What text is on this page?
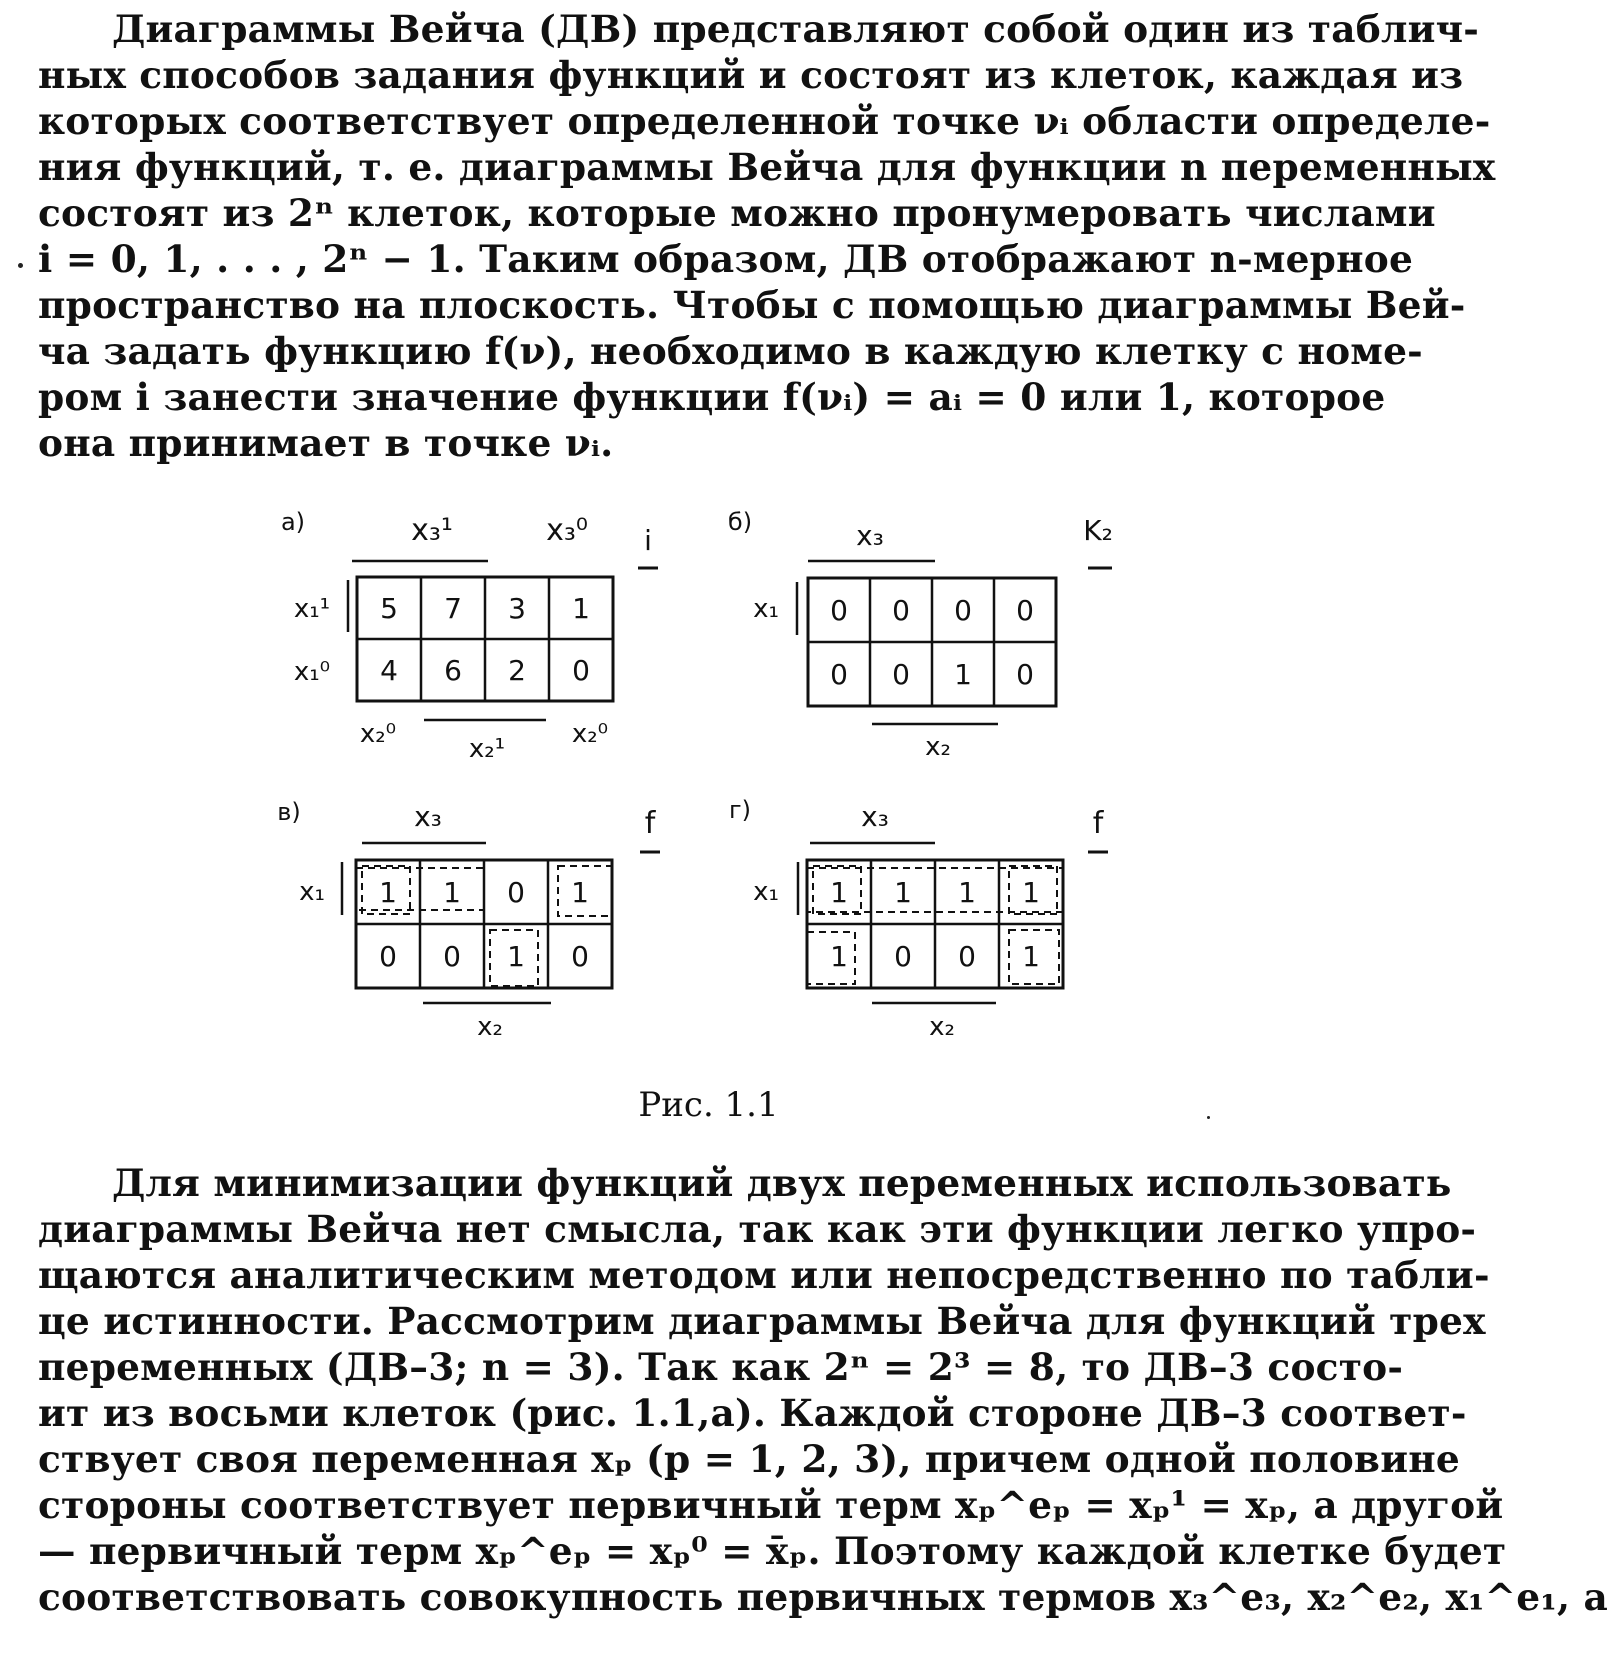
Диаграммы Вейча (ДВ) представляют собой один из таблич-
ных способов задания функций и состоят из клеток, каждая из
которых соответствует определенной точке νᵢ области определе-
ния функций, т. е. диаграммы Вейча для функции n переменных
состоят из 2ⁿ клеток, которые можно пронумеровать числами
i = 0, 1, . . . , 2ⁿ − 1. Таким образом, ДВ отображают n-мерное
пространство на плоскость. Чтобы с помощью диаграммы Вей-
ча задать функцию f(ν), необходимо в каждую клетку с номе-
ром i занести значение функции f(νᵢ) = aᵢ = 0 или 1, которое
она принимает в точке νᵢ.
а)	x₃¹	x₃⁰ i
x₁¹
x₁⁰
5 7 3 1
4 6 2 0
x₂⁰	x₂¹	x₂⁰
б)	x₃	K₂
x₁ 0 0 0 0
0 0 1 0
x₂
в)	x₃	f
x₁ 1 1 0 1
0 0 1 0
x₂
г)	x₃	f
x₁ 1 1 1 1
1 0 0 1
x₂
Рис. 1.1
Для минимизации функций двух переменных использовать
диаграммы Вейча нет смысла, так как эти функции легко упро-
щаются аналитическим методом или непосредственно по табли-
це истинности. Рассмотрим диаграммы Вейча для функций трех
переменных (ДВ–3; n = 3). Так как 2ⁿ = 2³ = 8, то ДВ–3 состо-
ит из восьми клеток (рис. 1.1,a). Каждой стороне ДВ–3 соответ-
ствует своя переменная xₚ (p = 1, 2, 3), причем одной половине
стороны соответствует первичный терм xₚ^eₚ = xₚ¹ = xₚ, а другой
— первичный терм xₚ^eₚ = xₚ⁰ = x̄ₚ. Поэтому каждой клетке будет
соответствовать совокупность первичных термов x₃^e₃, x₂^e₂, x₁^e₁, а
